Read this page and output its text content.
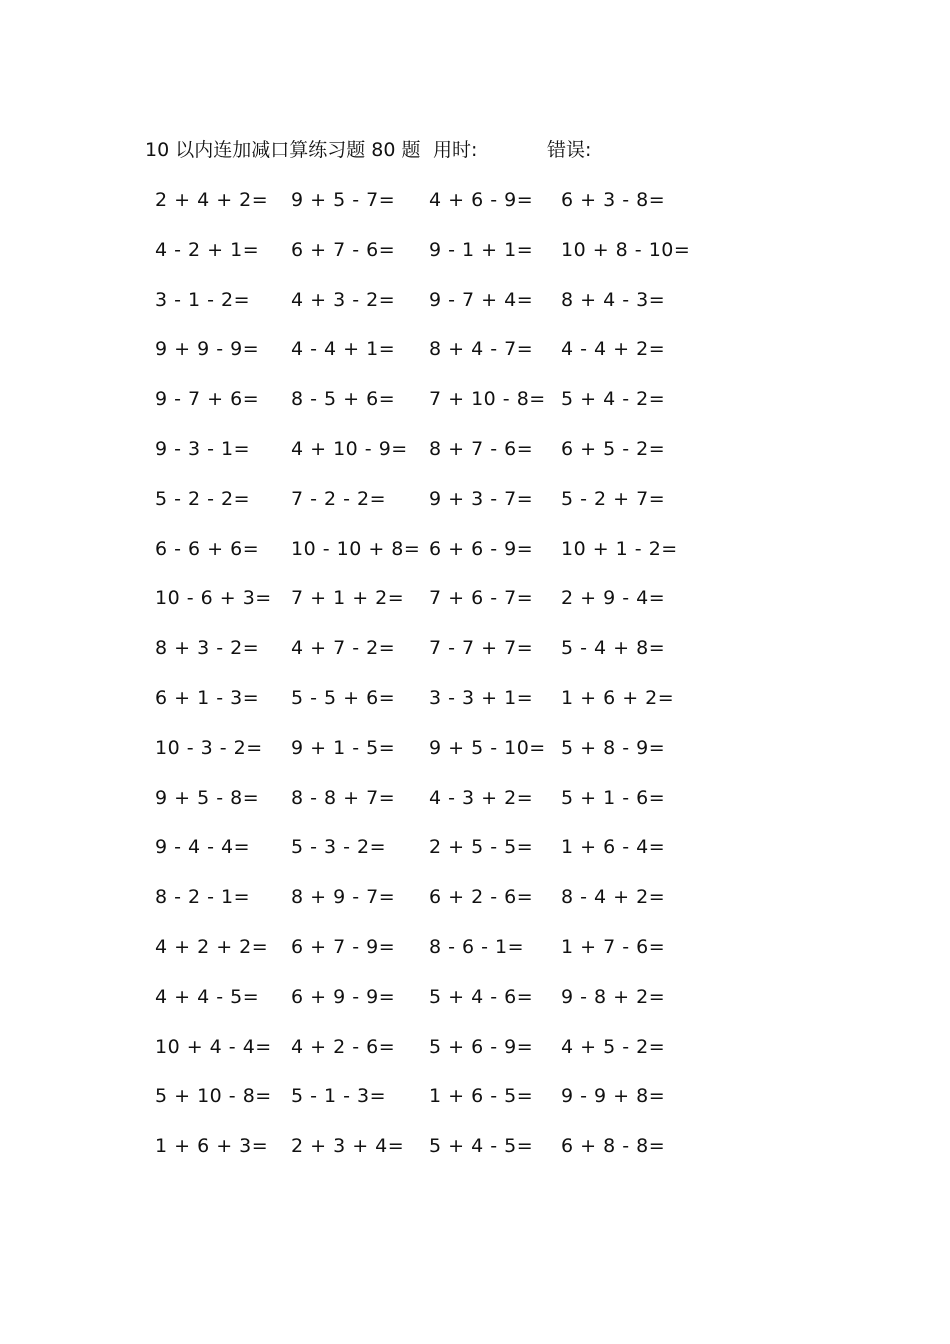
10 以内连加减口算练习题 80 题 用时:	错误:
2 + 4 + 2= 9 + 5 - 7= 4 + 6 - 9= 6 + 3 - 8=
4 - 2 + 1= 6 + 7 - 6= 9 - 1 + 1= 10 + 8 - 10=
3 - 1 - 2= 4 + 3 - 2= 9 - 7 + 4= 8 + 4 - 3=
9 + 9 - 9= 4 - 4 + 1= 8 + 4 - 7= 4 - 4 + 2=
9 - 7 + 6= 8 - 5 + 6= 7 + 10 - 8= 5 + 4 - 2=
9 - 3 - 1= 4 + 10 - 9= 8 + 7 - 6= 6 + 5 - 2=
5 - 2 - 2= 7 - 2 - 2= 9 + 3 - 7= 5 - 2 + 7=
6 - 6 + 6= 10 - 10 + 8= 6 + 6 - 9= 10 + 1 - 2=
10 - 6 + 3= 7 + 1 + 2= 7 + 6 - 7= 2 + 9 - 4=
8 + 3 - 2= 4 + 7 - 2= 7 - 7 + 7= 5 - 4 + 8=
6 + 1 - 3= 5 - 5 + 6= 3 - 3 + 1= 1 + 6 + 2=
10 - 3 - 2= 9 + 1 - 5= 9 + 5 - 10= 5 + 8 - 9=
9 + 5 - 8= 8 - 8 + 7= 4 - 3 + 2= 5 + 1 - 6=
9 - 4 - 4= 5 - 3 - 2= 2 + 5 - 5= 1 + 6 - 4=
8 - 2 - 1= 8 + 9 - 7= 6 + 2 - 6= 8 - 4 + 2=
4 + 2 + 2= 6 + 7 - 9= 8 - 6 - 1= 1 + 7 - 6=
4 + 4 - 5= 6 + 9 - 9= 5 + 4 - 6= 9 - 8 + 2=
10 + 4 - 4= 4 + 2 - 6= 5 + 6 - 9= 4 + 5 - 2=
5 + 10 - 8= 5 - 1 - 3= 1 + 6 - 5= 9 - 9 + 8=
1 + 6 + 3= 2 + 3 + 4= 5 + 4 - 5= 6 + 8 - 8=
